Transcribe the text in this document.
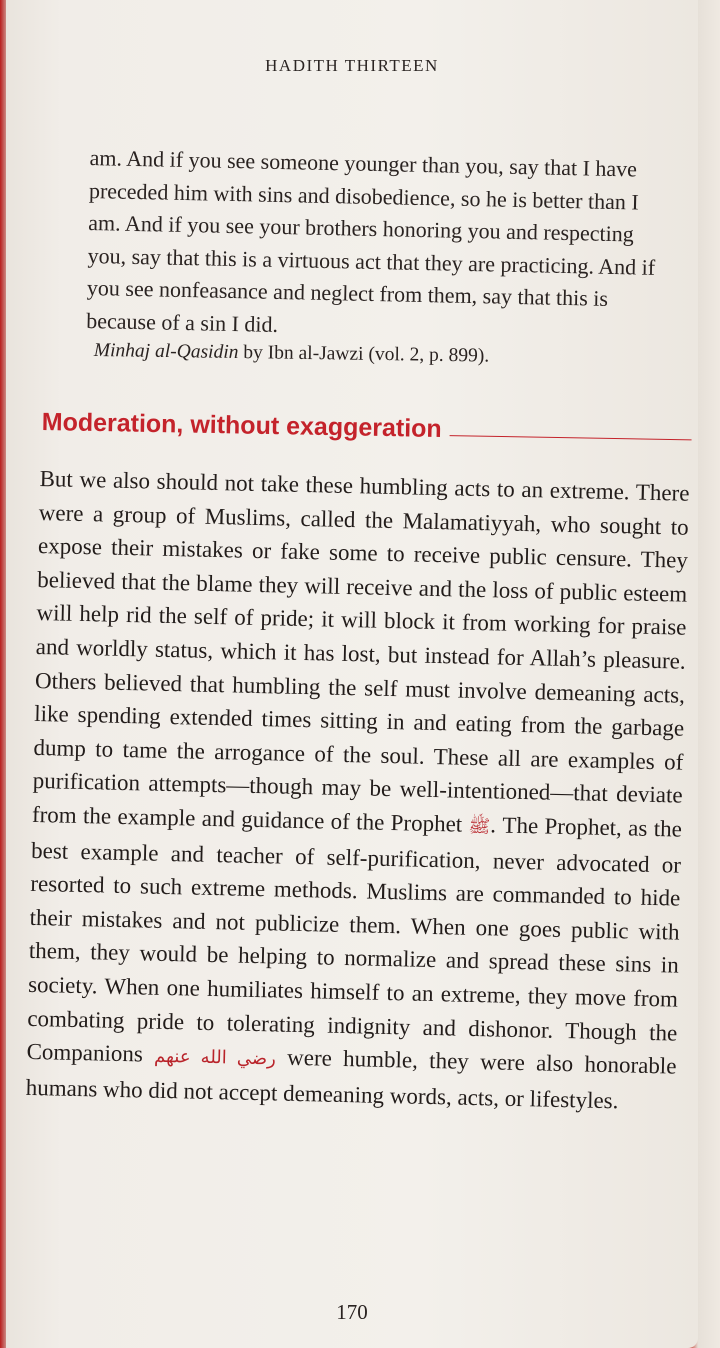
HADITH THIRTEEN

am. And if you see someone younger than you, say that I have preceded him with sins and disobedience, so he is better than I am. And if you see your brothers honoring you and respecting you, say that this is a virtuous act that they are practicing. And if you see nonfeasance and neglect from them, say that this is because of a sin I did.

Minhaj al-Qasidin by Ibn al-Jawzi (vol. 2, p. 899).
Moderation, without exaggeration

But we also should not take these humbling acts to an extreme. There were a group of Muslims, called the Malamatiyyah, who sought to expose their mistakes or fake some to receive public censure. They believed that the blame they will receive and the loss of public esteem will help rid the self of pride; it will block it from working for praise and worldly status, which it has lost, but instead for Allah’s pleasure. Others believed that humbling the self must involve demeaning acts, like spending extended times sitting in and eating from the garbage dump to tame the arrogance of the soul. These all are examples of purification attempts—though may be well-intentioned—that deviate from the example and guidance of the Prophet ﷺ. The Prophet, as the best example and teacher of self-purification, never advocated or resorted to such extreme methods. Muslims are commanded to hide their mistakes and not publicize them. When one goes public with them, they would be helping to normalize and spread these sins in society. When one humiliates himself to an extreme, they move from combating pride to tolerating indignity and dishonor. Though the Companions رضي الله عنهم were humble, they were also honorable humans who did not accept demeaning words, acts, or lifestyles.

170
